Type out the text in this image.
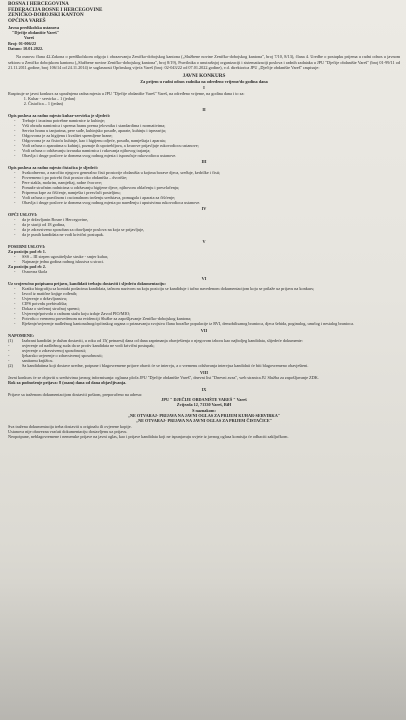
BOSNA I HERCEGOVINA
FEDERACIJA BOSNE I HERCEGOVINE
ZENIČKO-DOBOJSKI KANTON
OPĆINA VAREŠ
Javna predškolska ustanova
"Dječije obdanište Vareš"
Vareš
Broj: 01-006/22
Datum: 10.01.2022.
Na osnovu člana 42.Zakona o predškolskom odgoju i obrazovanju Zeničko-dobojskog kantona („Službene novine Zeničko-dobojskog kantona", broj 7/10, 8/13), člana 4. Uredbe o postupku prijema u radni odnos u javnom sektoru u Zeničko dobojskom kantonu („Službene novine Zeničko-dobojskog kantona", broj 8/19), Pravilnika o unutrašnjoj organizaciji i sistematizaciji poslova i radnih zadataka u JPU "Dječije obdanište Vareš" (broj 01-99/11 od 21.11.2011.godine, broj 106/14 od 24.11.2014) te saglasnosti Općinskog vijeća Vareš (broj: 02-043/22 od 07.01.2022.godine), v.d. direktorica JPU „Dječije obdanište Vareš" raspisuje:
JAVNI KONKURS
Za prijem u radni odnos radnika na određeno vrijeme/do godina dana
I
Raspisuje se javni konkurs za upražnjena radna mjesta u JPU "Dječije obdanište Vareš" Vareš, na određeno vrijeme, na godina dana i to za:
1. Kuhar - servirka – 1 (jedan)
2. Čistačica – 1 (jedan)
II
Opis poslova za radno mjesto kuhar-servirka je sljedeći:
- Trebuje i izuzima potrebne namirnice iz kuhinje;
- Vrši obradu namirnica i sprema hranu prema jelovniku i standardima i normativima;
- Servira hranu u tanjurima, pere suđe, kuhinjsko posuđe, aparate, kuhinju i trpezariju;
- Odgovorna je za higijenu i kvalitet spremljene hrane;
- Odgovorna je za čistoću kuhinje, kao i higijenu odjeće, posuđa, namještaja i aparata;
- Vodi računa o aparatima u kuhinji, poznaje ih upotrebljava, a kvarove prijavljuje rukovodiocu ustanove;
- Vodi računa o održavanju izvaraka namirnica i rukovanja njihovog trajanja;
- Obavlja i druge poslove iz domena svog radnog mjesta i isporučuje rukovodiocu ustanove.
III
Opis poslova za radno mjesto čistačica je sljedeći:
- Svakodnevno, a naročito njegovo generalno čisti prostorije obdaništa u kojima borave djeca, sređuje, kedrilke i čisti;
- Povremeno i po potrebi čisti prostor oko obdaništa – dvorište;
- Pere stakla, mokrim, namještaj, radne čvorove;
- Pomaže stručnim radnicima u održavanju higijene djece, njihovom oblačenju i presvlačenju;
- Priprema krpe za čišćenje, namješta i presvlači posteljinu;
- Vodi računa o pravilnom i racionalnom trošenju sredstava, pomagala i aparata za čišćenje;
- Obavlja i druge poslove iz domena svog radnog mjesta po naređenju i uputstvima rukovodioca ustanove.
IV
OPĆI USLOVI:
- da je državljanin Bosne i Hercegovine,
- da je stariji od 18 godina,
- da je zdravstveno sposoban za obavljanje poslova na koja se prijavljuje,
- da je punih kandidata ne vodi krivični postupak.
V
POSEBNI USLOVI:
Za poziciju pod rb 1.
- SSS – III stepen ugostiteljske struke - smjer kuhar,
- Najmanje jedna godina radnog iskustva u struci.
Za poziciju pod rb 2.
- Osnovna škola
VI
Uz svojeručno potpisanu prijavu, kandidati trebaju dostaviti i sljedeću dokumentaciju:
- Kratku biografiju sa kontakt podacima kandidata, tačnom nazivom na koju poziciju se kandiduje i tačno navedenom dokumentacijom koju se prilaže uz prijavu na konkurs;
- Izvod iz matične knjige rođenih;
- Uvjerenje o državljanstvu;
- CIPS potvrdu prebivališta;
- Dokaz o stečenoj stručnoj spremi;
- Uvjerenje/potvrda o radnom stažu koju izdaje Zavod PIO/MIO;
- Potvrdu o vremenu provedenom na evidenciji Službe za zapošljavanje Zeničko-dobojskog kantona;
- Rješenje/uvjerenje nadležnog kantonalnog/općinskog organa o priznavanju svojstva člana boračke populacije iz RVI, demobilisanog branioca, djeca šehida, poginulog, umrlog i nestalog branioca.
VII
NAPOMENE:
(1)	Izabrani kandidat je dužan dostaviti, u roku od 15( petnaest) dana od dana zaprimanja obavještenja o njegovom izboru kao najboljeg kandidata, slijedeće dokumente:
-	uvjerenje od nadležnog suda da se protiv kandidata ne vodi krivični postupak;
-	uvjerenje o zdravstvenoj sposobnosti;
-	ljekarsko uvjerenje o zdravstvenoj sposobnosti;
-	sanitarnu knjižicu.
(2)	Sa kandidatima koji dostave uredne, potpune i blagovremene prijave obavit će se intervju, a o vremenu održavanja intervjua kandidati će biti blagovremeno obavješteni.
VIII
Javni konkurs će se objaviti u sredstvima javnog informisanja: oglasna ploča JPU "Dječije obdanište Vareš", dnevni list "Dnevni avaz", web stranica JU Služba za zapošljavanje ZDK.
Rok za podnošenje prijava: 8 (osam) dana od dana objavljivanja.
IX
Prijave sa traženom dokumentacijom dostaviti poštom, preporučeno na adresu:
JPU " DJEČIJE OBDANIŠTE VAREŠ " Vareš
Zvijezda 12, 71330 Vareš, BiH
S naznakom:
„NE OTVARAJ- PRIJAVA NA JAVNI OGLAS ZA PRIJEM KUHAR-SERVIRKA"
„NE OTVARAJ- PRIJAVA NA JAVNI OGLAS ZA PRIJEM ČISTAČICE"
Sva tražena dokumentacija treba dostaviti u originalu ili ovjerene kopije.
Ustanova nije obavezna vraćati dokumentaciju dostavljenu uz prijavu.
Neopotpune, neblagovremene i nemenske prijave na javni oglas, kao i prijave kandidata koji ne ispunjavaju uvjete iz javnog oglasa komisija će odbaciti zaključkom.
